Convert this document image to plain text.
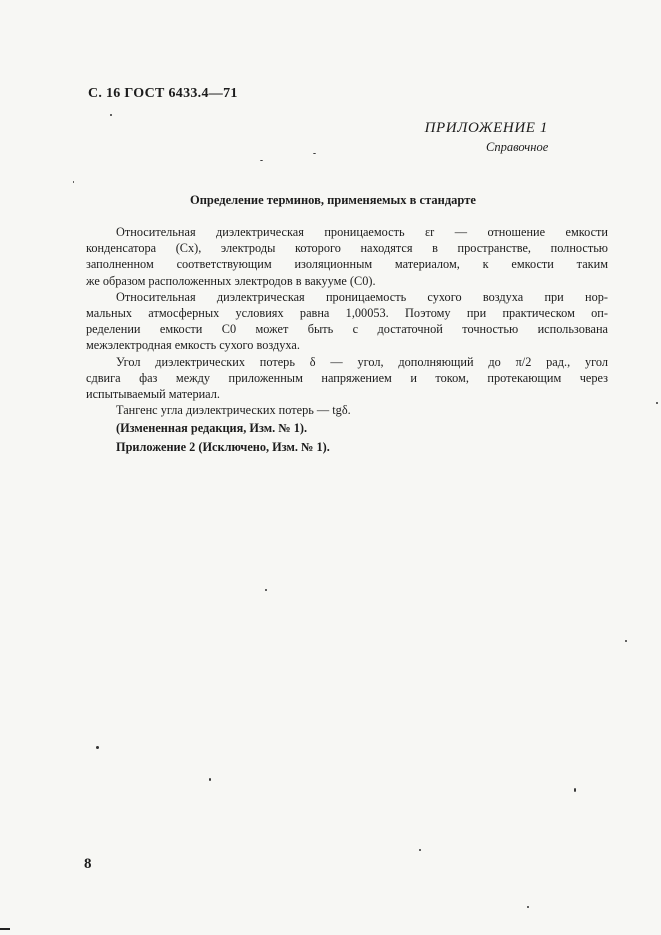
С. 16 ГОСТ 6433.4—71
ПРИЛОЖЕНИЕ 1
Справочное
Определение терминов, применяемых в стандарте

Относительная диэлектрическая проницаемость εr — отношение емкости
конденсатора (Cx), электроды которого находятся в пространстве, полностью
заполненном соответствующим изоляционным материалом, к емкости таким
же образом расположенных электродов в вакууме (C0).

Относительная диэлектрическая проницаемость сухого воздуха при нор-
мальных атмосферных условиях равна 1,00053. Поэтому при практическом оп-
ределении емкости C0 может быть с достаточной точностью использована
межэлектродная емкость сухого воздуха.

Угол диэлектрических потерь δ — угол, дополняющий до π/2 рад., угол
сдвига фаз между приложенным напряжением и током, протекающим через
испытываемый материал.

Тангенс угла диэлектрических потерь — tgδ.

(Измененная редакция, Изм. № 1).

Приложение 2 (Исключено, Изм. № 1).

8
